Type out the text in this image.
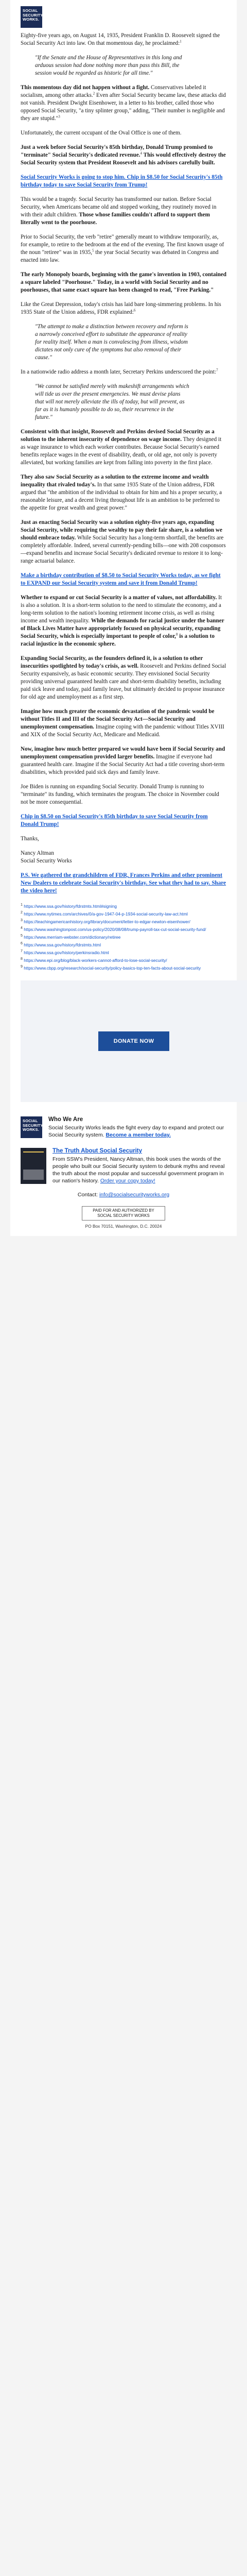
SOCIAL
SECURITY
WORKS.

Eighty-five years ago, on August 14, 1935, President Franklin D. Roosevelt signed the Social Security Act into law. On that momentous day, he proclaimed:$^1$

"If the Senate and the House of Representatives in this long and arduous session had done nothing more than pass this Bill, the session would be regarded as historic for all time."

This momentous day did not happen without a fight. Conservatives labeled it socialism, among other attacks.$^2$ Even after Social Security became law, these attacks did not vanish. President Dwight Eisenhower, in a letter to his brother, called those who opposed Social Security, "a tiny splinter group," adding, "Their number is negligible and they are stupid."$^3$

Unfortunately, the current occupant of the Oval Office is one of them.

Just a week before Social Security's 85th birthday, Donald Trump promised to "terminate" Social Security's dedicated revenue.$^4$ This would effectively destroy the Social Security system that President Roosevelt and his advisors carefully built.

Social Security Works is going to stop him. Chip in $8.50 for Social Security's 85th birthday today to save Social Security from Trump!

This would be a tragedy. Social Security has transformed our nation. Before Social Security, when Americans became old and stopped working, they routinely moved in with their adult children. Those whose families couldn't afford to support them literally went to the poorhouse.

Prior to Social Security, the verb "retire" generally meant to withdraw temporarily, as, for example, to retire to the bedroom at the end of the evening. The first known usage of the noun "retiree" was in 1935,$^5$ the year Social Security was debated in Congress and enacted into law.

The early Monopoly boards, beginning with the game's invention in 1903, contained a square labeled "Poorhouse." Today, in a world with Social Security and no poorhouses, that same exact square has been changed to read, "Free Parking."

Like the Great Depression, today's crisis has laid bare long-simmering problems. In his 1935 State of the Union address, FDR explained:$^6$

"The attempt to make a distinction between recovery and reform is a narrowly conceived effort to substitute the appearance of reality for reality itself. When a man is convalescing from illness, wisdom dictates not only cure of the symptoms but also removal of their cause."

In a nationwide radio address a month later, Secretary Perkins underscored the point:$^7$

"We cannot be satisfied merely with makeshift arrangements which will tide us over the present emergencies. We must devise plans that will not merely alleviate the ills of today, but will prevent, as far as it is humanly possible to do so, their recurrence in the future."

Consistent with that insight, Roosevelt and Perkins devised Social Security as a solution to the inherent insecurity of dependence on wage income. They designed it as wage insurance to which each worker contributes. Because Social Security's earned benefits replace wages in the event of disability, death, or old age, not only is poverty alleviated, but working families are kept from falling into poverty in the first place.

They also saw Social Security as a solution to the extreme income and wealth inequality that rivaled today's. In that same 1935 State of the Union address, FDR argued that "the ambition of the individual to obtain for him and his a proper security, a reasonable leisure, and a decent living throughout life is an ambition to be preferred to the appetite for great wealth and great power."

Just as enacting Social Security was a solution eighty-five years ago, expanding Social Security, while requiring the wealthy to pay their fair share, is a solution we should embrace today. While Social Security has a long-term shortfall, the benefits are completely affordable. Indeed, several currently-pending bills—one with 208 cosponsors—expand benefits and increase Social Security's dedicated revenue to restore it to long-range actuarial balance.

Make a birthday contribution of $8.50 to Social Security Works today, as we fight to EXPAND our Social Security system and save it from Donald Trump!

Whether to expand or cut Social Security is a matter of values, not affordability. It is also a solution. It is a short-term solution to the need to stimulate the economy, and a long-term solution to the nation's looming retirement income crisis, as well as rising income and wealth inequality. While the demands for racial justice under the banner of Black Lives Matter have appropriately focused on physical security, expanding Social Security, which is especially important to people of color,$^8$ is a solution to racial injustice in the economic sphere.

Expanding Social Security, as the founders defined it, is a solution to other insecurities spotlighted by today's crisis, as well. Roosevelt and Perkins defined Social Security expansively, as basic economic security. They envisioned Social Security providing universal guaranteed health care and short-term disability benefits, including paid sick leave and today, paid family leave, but ultimately decided to propose insurance for old age and unemployment as a first step.

Imagine how much greater the economic devastation of the pandemic would be without Titles II and III of the Social Security Act—Social Security and unemployment compensation. Imagine coping with the pandemic without Titles XVIII and XIX of the Social Security Act, Medicare and Medicaid.

Now, imagine how much better prepared we would have been if Social Security and unemployment compensation provided larger benefits. Imagine if everyone had guaranteed health care. Imagine if the Social Security Act had a title covering short-term disabilities, which provided paid sick days and family leave.

Joe Biden is running on expanding Social Security. Donald Trump is running to "terminate" its funding, which terminates the program. The choice in November could not be more consequential.

Chip in $8.50 on Social Security's 85th birthday to save Social Security from Donald Trump!

Thanks,

Nancy Altman
Social Security Works

P.S. We gathered the grandchildren of FDR, Frances Perkins and other prominent New Dealers to celebrate Social Security's birthday. See what they had to say. Share the video here!

$^1$ https://www.ssa.gov/history/fdrstmts.html#signing

$^2$ https://www.nytimes.com/archives/0/a-gov-1947-04-p-1934-social-security-law-act.html

$^3$ https://teachingamericanhistory.org/library/document/letter-to-edgar-newton-eisenhower/

$^4$ https://www.washingtonpost.com/us-policy/2020/08/08/trump-payroll-tax-cut-social-security-fund/

$^5$ https://www.merriam-webster.com/dictionary/retiree

$^6$ https://www.ssa.gov/history/fdrstmts.html

$^7$ https://www.ssa.gov/history/perkinsradio.html

$^8$ https://www.epi.org/blog/black-workers-cannot-afford-to-lose-social-security/

$^9$ https://www.cbpp.org/research/social-security/policy-basics-top-ten-facts-about-social-security

DONATE NOW
SOCIAL
SECURITY
WORKS.
Who We Are

Social Security Works leads the fight every day to expand and protect our Social Security system. Become a member today.

The Truth About Social Security

From SSW's President, Nancy Altman, this book uses the words of the people who built our Social Security system to debunk myths and reveal the truth about the most popular and successful government program in our nation's history. Order your copy today!

Contact: info@socialsecurityworks.org
PAID FOR AND AUTHORIZED BY
SOCIAL SECURITY WORKS
PO Box 70151, Washington, D.C. 20024
